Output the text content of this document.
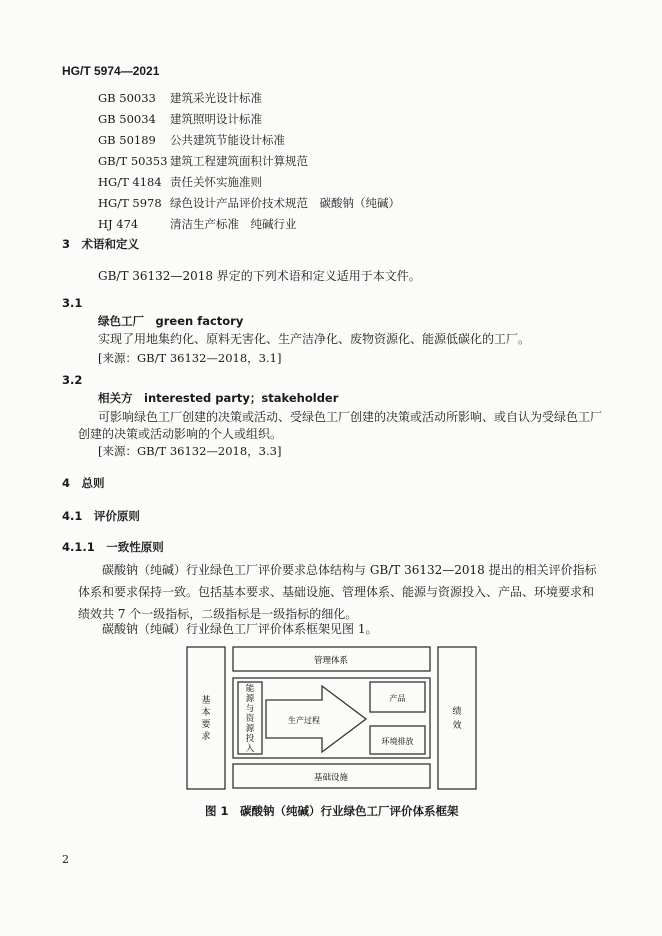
HG/T 5974—2021
GB 50033 建筑采光设计标准
GB 50034 建筑照明设计标准
GB 50189 公共建筑节能设计标准
GB/T 50353 建筑工程建筑面积计算规范
HG/T 4184 责任关怀实施准则
HG/T 5978 绿色设计产品评价技术规范　碳酸钠（纯碱）
HJ 474	清洁生产标准　纯碱行业
3　术语和定义
GB/T 36132—2018 界定的下列术语和定义适用于本文件。
3.1
绿色工厂　green factory
实现了用地集约化、原料无害化、生产洁净化、废物资源化、能源低碳化的工厂。
[来源：GB/T 36132—2018，3.1]
3.2
相关方　interested party；stakeholder
可影响绿色工厂创建的决策或活动、受绿色工厂创建的决策或活动所影响、或自认为受绿色工厂
创建的决策或活动影响的个人或组织。
[来源：GB/T 36132—2018，3.3]
4　总则
4.1　评价原则
4.1.1　一致性原则
碳酸钠（纯碱）行业绿色工厂评价要求总体结构与 GB/T 36132—2018 提出的相关评价指标体系和要求保持一致。包括基本要求、基础设施、管理体系、能源与资源投入、产品、环境要求和绩效共 7 个一级指标，二级指标是一级指标的细化。
碳酸钠（纯碱）行业绿色工厂评价体系框架见图 1。
管理体系
基础设施
生产过程
产品
环境排放
基
本
要
求
绩
效
能
源
与
资
源
投
入
图 1　碳酸钠（纯碱）行业绿色工厂评价体系框架
2
